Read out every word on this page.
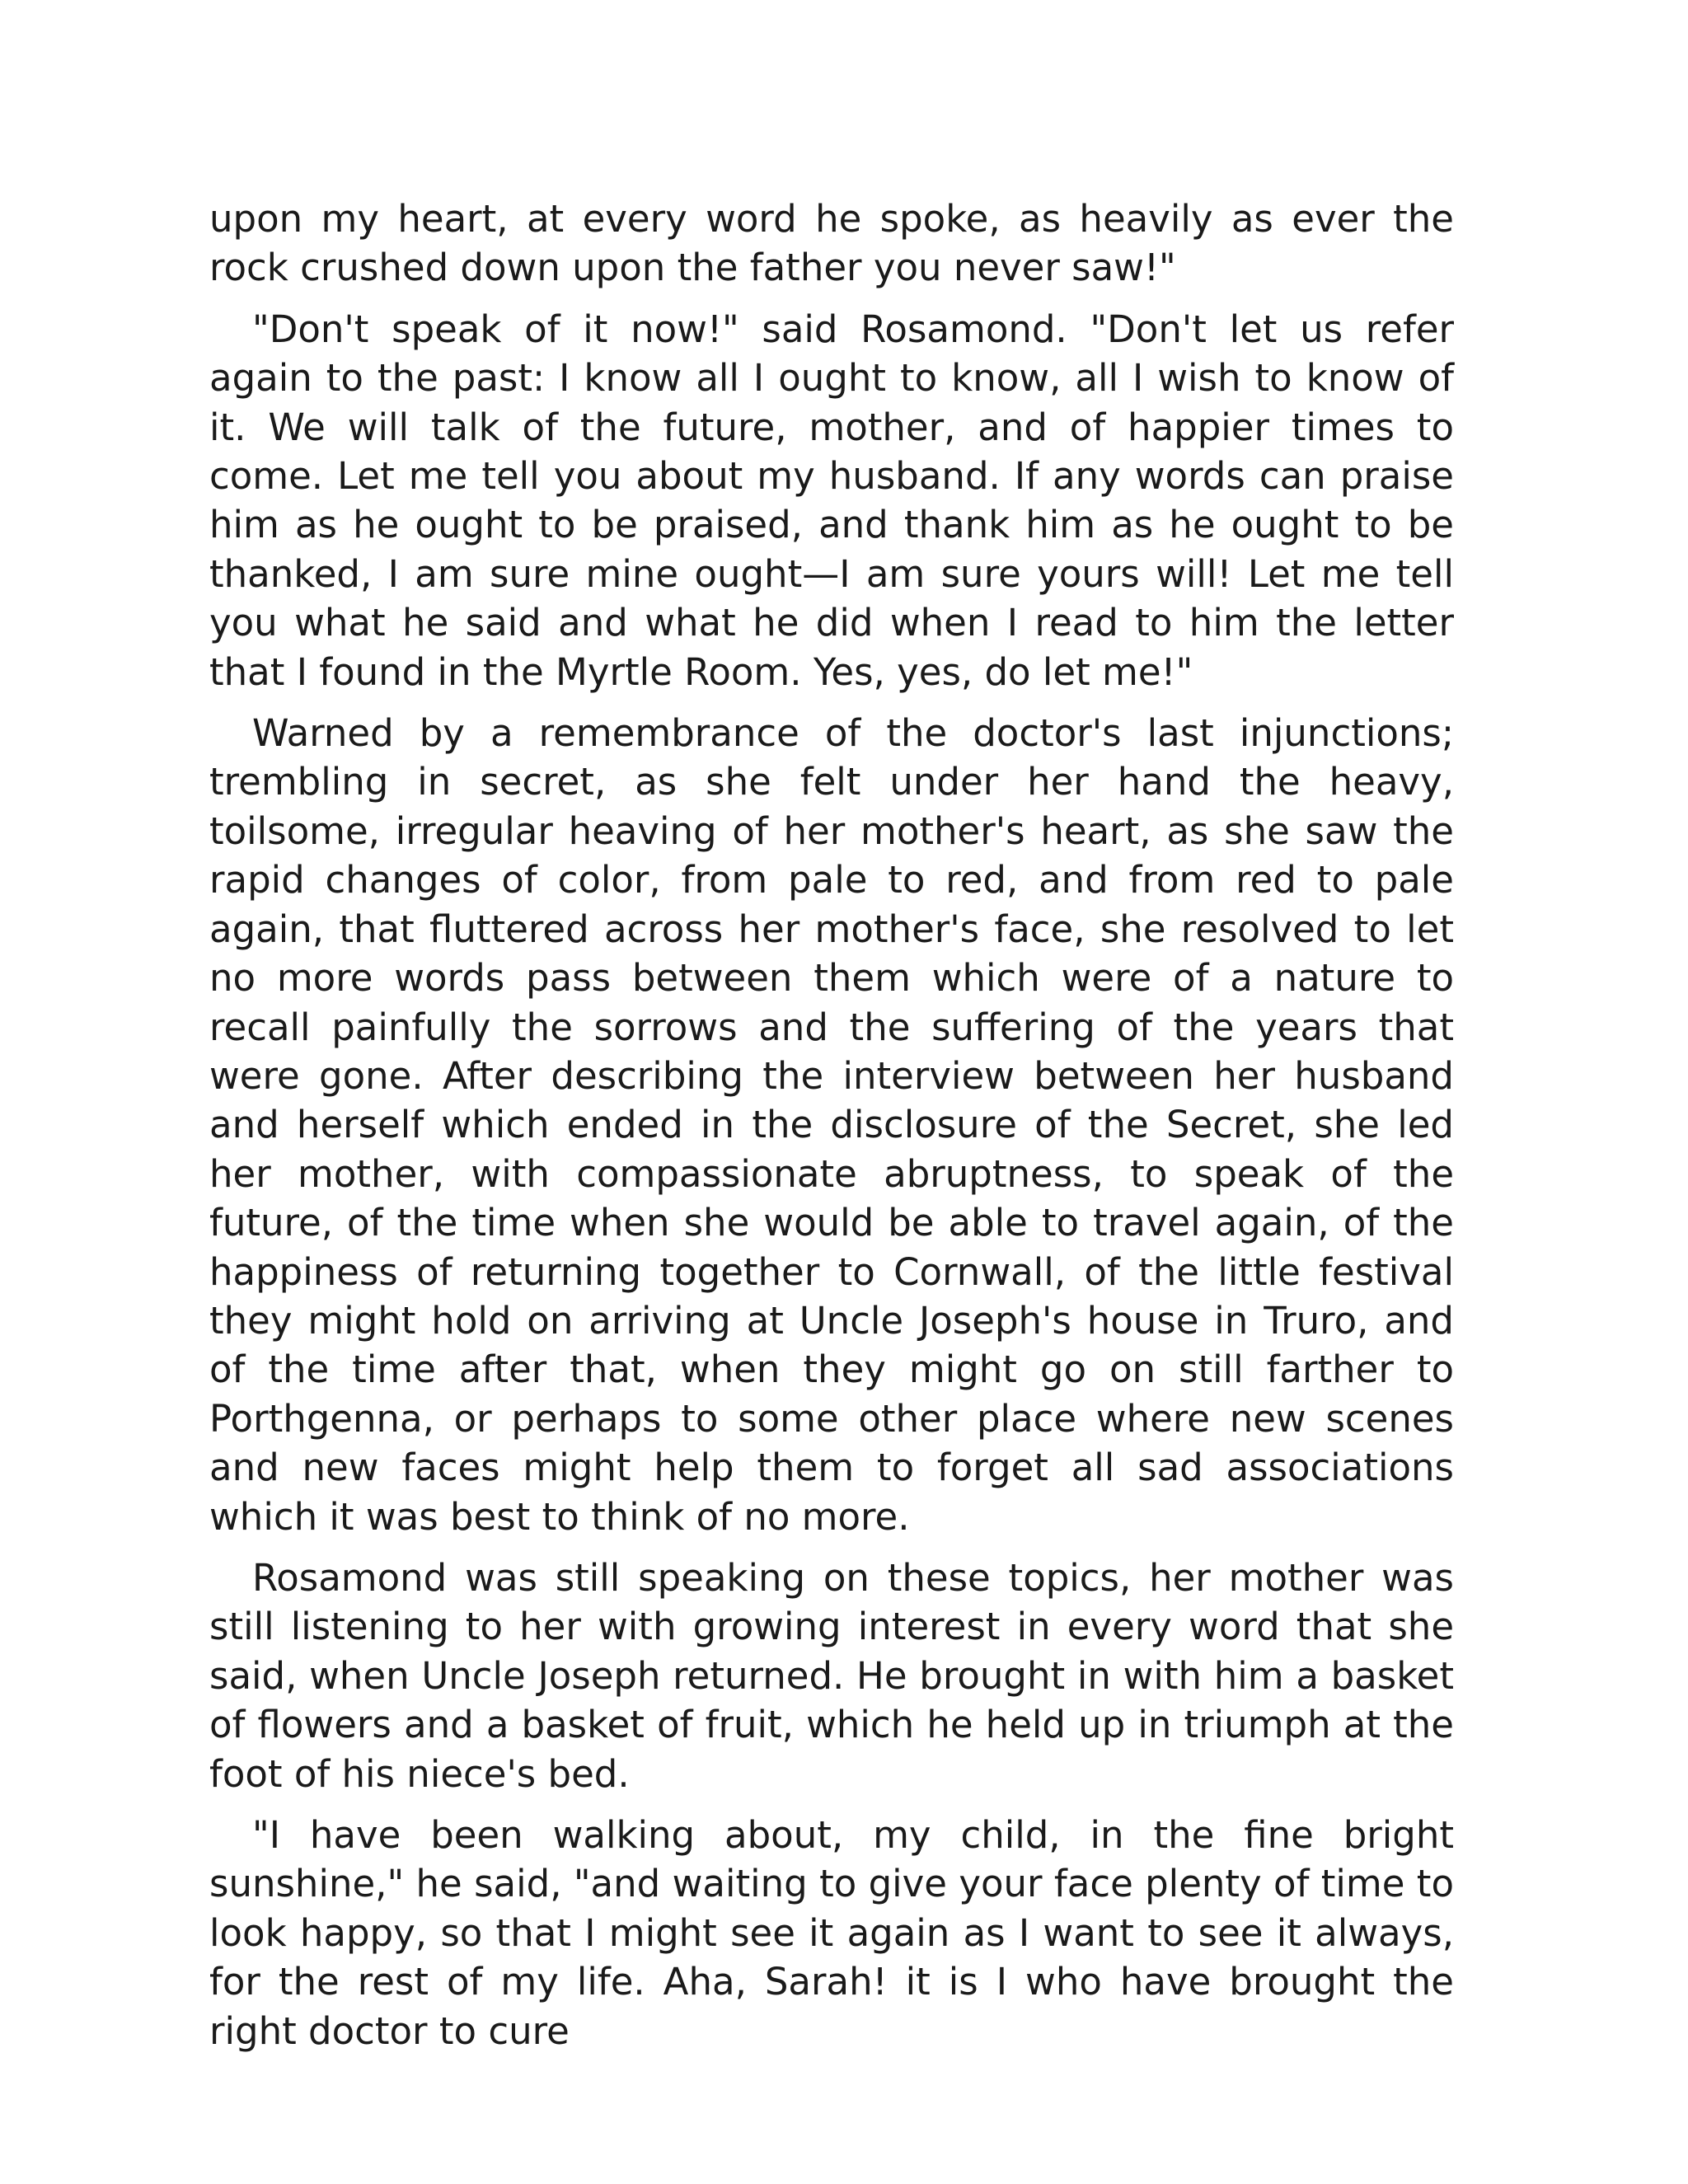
upon my heart, at every word he spoke, as heavily as ever the rock crushed down upon the father you never saw!"

"Don't speak of it now!" said Rosamond. "Don't let us refer again to the past: I know all I ought to know, all I wish to know of it. We will talk of the future, mother, and of happier times to come. Let me tell you about my husband. If any words can praise him as he ought to be praised, and thank him as he ought to be thanked, I am sure mine ought—I am sure yours will! Let me tell you what he said and what he did when I read to him the letter that I found in the Myrtle Room. Yes, yes, do let me!"

Warned by a remembrance of the doctor's last injunctions; trembling in secret, as she felt under her hand the heavy, toilsome, irregular heaving of her mother's heart, as she saw the rapid changes of color, from pale to red, and from red to pale again, that fluttered across her mother's face, she resolved to let no more words pass between them which were of a nature to recall painfully the sorrows and the suffering of the years that were gone. After describing the interview between her husband and herself which ended in the disclosure of the Secret, she led her mother, with compassionate abruptness, to speak of the future, of the time when she would be able to travel again, of the happiness of returning together to Cornwall, of the little festival they might hold on arriving at Uncle Joseph's house in Truro, and of the time after that, when they might go on still farther to Porthgenna, or perhaps to some other place where new scenes and new faces might help them to forget all sad associations which it was best to think of no more.

Rosamond was still speaking on these topics, her mother was still listening to her with growing interest in every word that she said, when Uncle Joseph returned. He brought in with him a basket of flowers and a basket of fruit, which he held up in triumph at the foot of his niece's bed.

"I have been walking about, my child, in the fine bright sunshine," he said, "and waiting to give your face plenty of time to look happy, so that I might see it again as I want to see it always, for the rest of my life. Aha, Sarah! it is I who have brought the right doctor to cure
